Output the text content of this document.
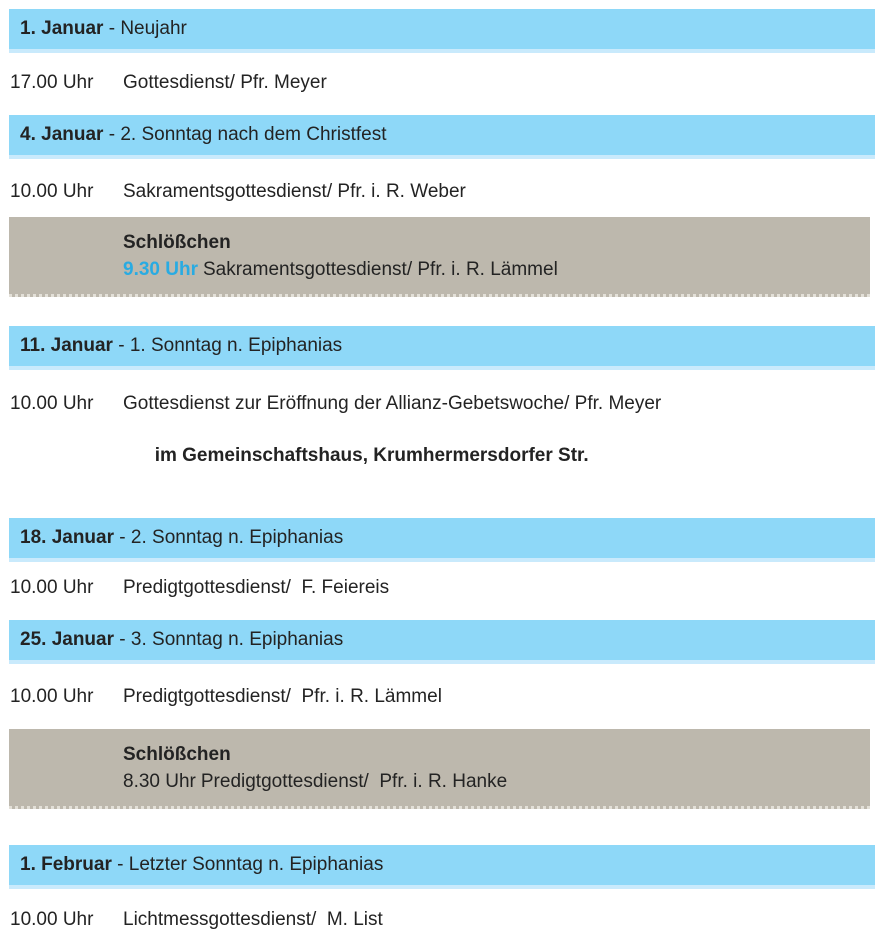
1. Januar - Neujahr
17.00 Uhr	Gottesdienst/ Pfr. Meyer
4. Januar - 2. Sonntag nach dem Christfest
10.00 Uhr	Sakramentsgottesdienst/ Pfr. i. R. Weber
Schlößchen
9.30 Uhr Sakramentsgottesdienst/ Pfr. i. R. Lämmel
11. Januar - 1. Sonntag n. Epiphanias
10.00 Uhr	Gottesdienst zur Eröffnung der Allianz-Gebetswoche/ Pfr. Meyer

im Gemeinschaftshaus, Krumhermersdorfer Str.

18. Januar - 2. Sonntag n. Epiphanias
10.00 Uhr	Predigtgottesdienst/  F. Feiereis
25. Januar - 3. Sonntag n. Epiphanias
10.00 Uhr	Predigtgottesdienst/  Pfr. i. R. Lämmel
Schlößchen
8.30 Uhr Predigtgottesdienst/  Pfr. i. R. Hanke
1. Februar - Letzter Sonntag n. Epiphanias
10.00 Uhr	Lichtmessgottesdienst/  M. List
